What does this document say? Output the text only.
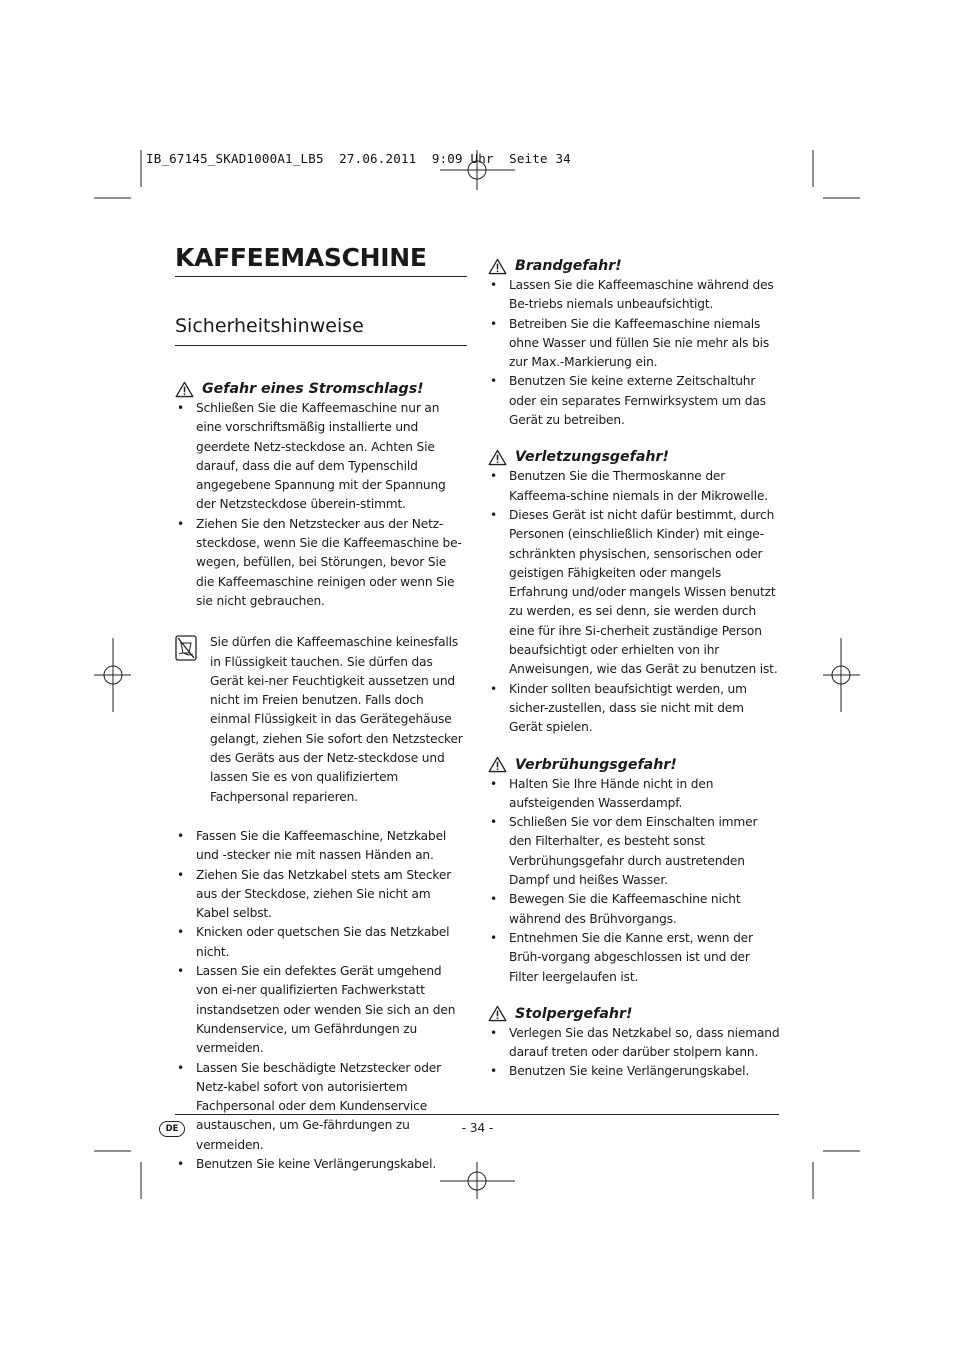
IB_67145_SKAD1000A1_LB5  27.06.2011  9:09 Uhr  Seite 34
KAFFEEMASCHINE
Sicherheitshinweise
Gefahr eines Stromschlags!
• Schließen Sie die Kaffeemaschine nur an eine vorschriftsmäßig installierte und geerdete Netz-steckdose an. Achten Sie darauf, dass die auf dem Typenschild angegebene Spannung mit der Spannung der Netzsteckdose überein-stimmt.
• Ziehen Sie den Netzstecker aus der Netz-steckdose, wenn Sie die Kaffeemaschine be-wegen, befüllen, bei Störungen, bevor Sie die Kaffeemaschine reinigen oder wenn Sie sie nicht gebrauchen.

Sie dürfen die Kaffeemaschine keinesfalls in Flüssigkeit tauchen. Sie dürfen das Gerät kei-ner Feuchtigkeit aussetzen und nicht im Freien benutzen. Falls doch einmal Flüssigkeit in das Gerätegehäuse gelangt, ziehen Sie sofort den Netzstecker des Geräts aus der Netz-steckdose und lassen Sie es von qualifiziertem Fachpersonal reparieren.

• Fassen Sie die Kaffeemaschine, Netzkabel und -stecker nie mit nassen Händen an.
• Ziehen Sie das Netzkabel stets am Stecker aus der Steckdose, ziehen Sie nicht am Kabel selbst.
• Knicken oder quetschen Sie das Netzkabel nicht.
• Lassen Sie ein defektes Gerät umgehend von ei-ner qualifizierten Fachwerkstatt instandsetzen oder wenden Sie sich an den Kundenservice, um Gefährdungen zu vermeiden.
• Lassen Sie beschädigte Netzstecker oder Netz-kabel sofort von autorisiertem Fachpersonal oder dem Kundenservice austauschen, um Ge-fährdungen zu vermeiden.
• Benutzen Sie keine Verlängerungskabel.
Brandgefahr!
• Lassen Sie die Kaffeemaschine während des Be-triebs niemals unbeaufsichtigt.
• Betreiben Sie die Kaffeemaschine niemals ohne Wasser und füllen Sie nie mehr als bis zur Max.-Markierung ein.
• Benutzen Sie keine externe Zeitschaltuhr oder ein separates Fernwirksystem um das Gerät zu betreiben.
Verletzungsgefahr!
• Benutzen Sie die Thermoskanne der Kaffeema-schine niemals in der Mikrowelle.
• Dieses Gerät ist nicht dafür bestimmt, durch Personen (einschließlich Kinder) mit einge-schränkten physischen, sensorischen oder geistigen Fähigkeiten oder mangels Erfahrung und/oder mangels Wissen benutzt zu werden, es sei denn, sie werden durch eine für ihre Si-cherheit zuständige Person beaufsichtigt oder erhielten von ihr Anweisungen, wie das Gerät zu benutzen ist.
• Kinder sollten beaufsichtigt werden, um sicher-zustellen, dass sie nicht mit dem Gerät spielen.
Verbrühungsgefahr!
• Halten Sie Ihre Hände nicht in den aufsteigenden Wasserdampf.
• Schließen Sie vor dem Einschalten immer den Filterhalter, es besteht sonst Verbrühungsgefahr durch austretenden Dampf und heißes Wasser.
• Bewegen Sie die Kaffeemaschine nicht während des Brühvorgangs.
• Entnehmen Sie die Kanne erst, wenn der Brüh-vorgang abgeschlossen ist und der Filter leergelaufen ist.
Stolpergefahr!
• Verlegen Sie das Netzkabel so, dass niemand darauf treten oder darüber stolpern kann.
• Benutzen Sie keine Verlängerungskabel.
DE	- 34 -
